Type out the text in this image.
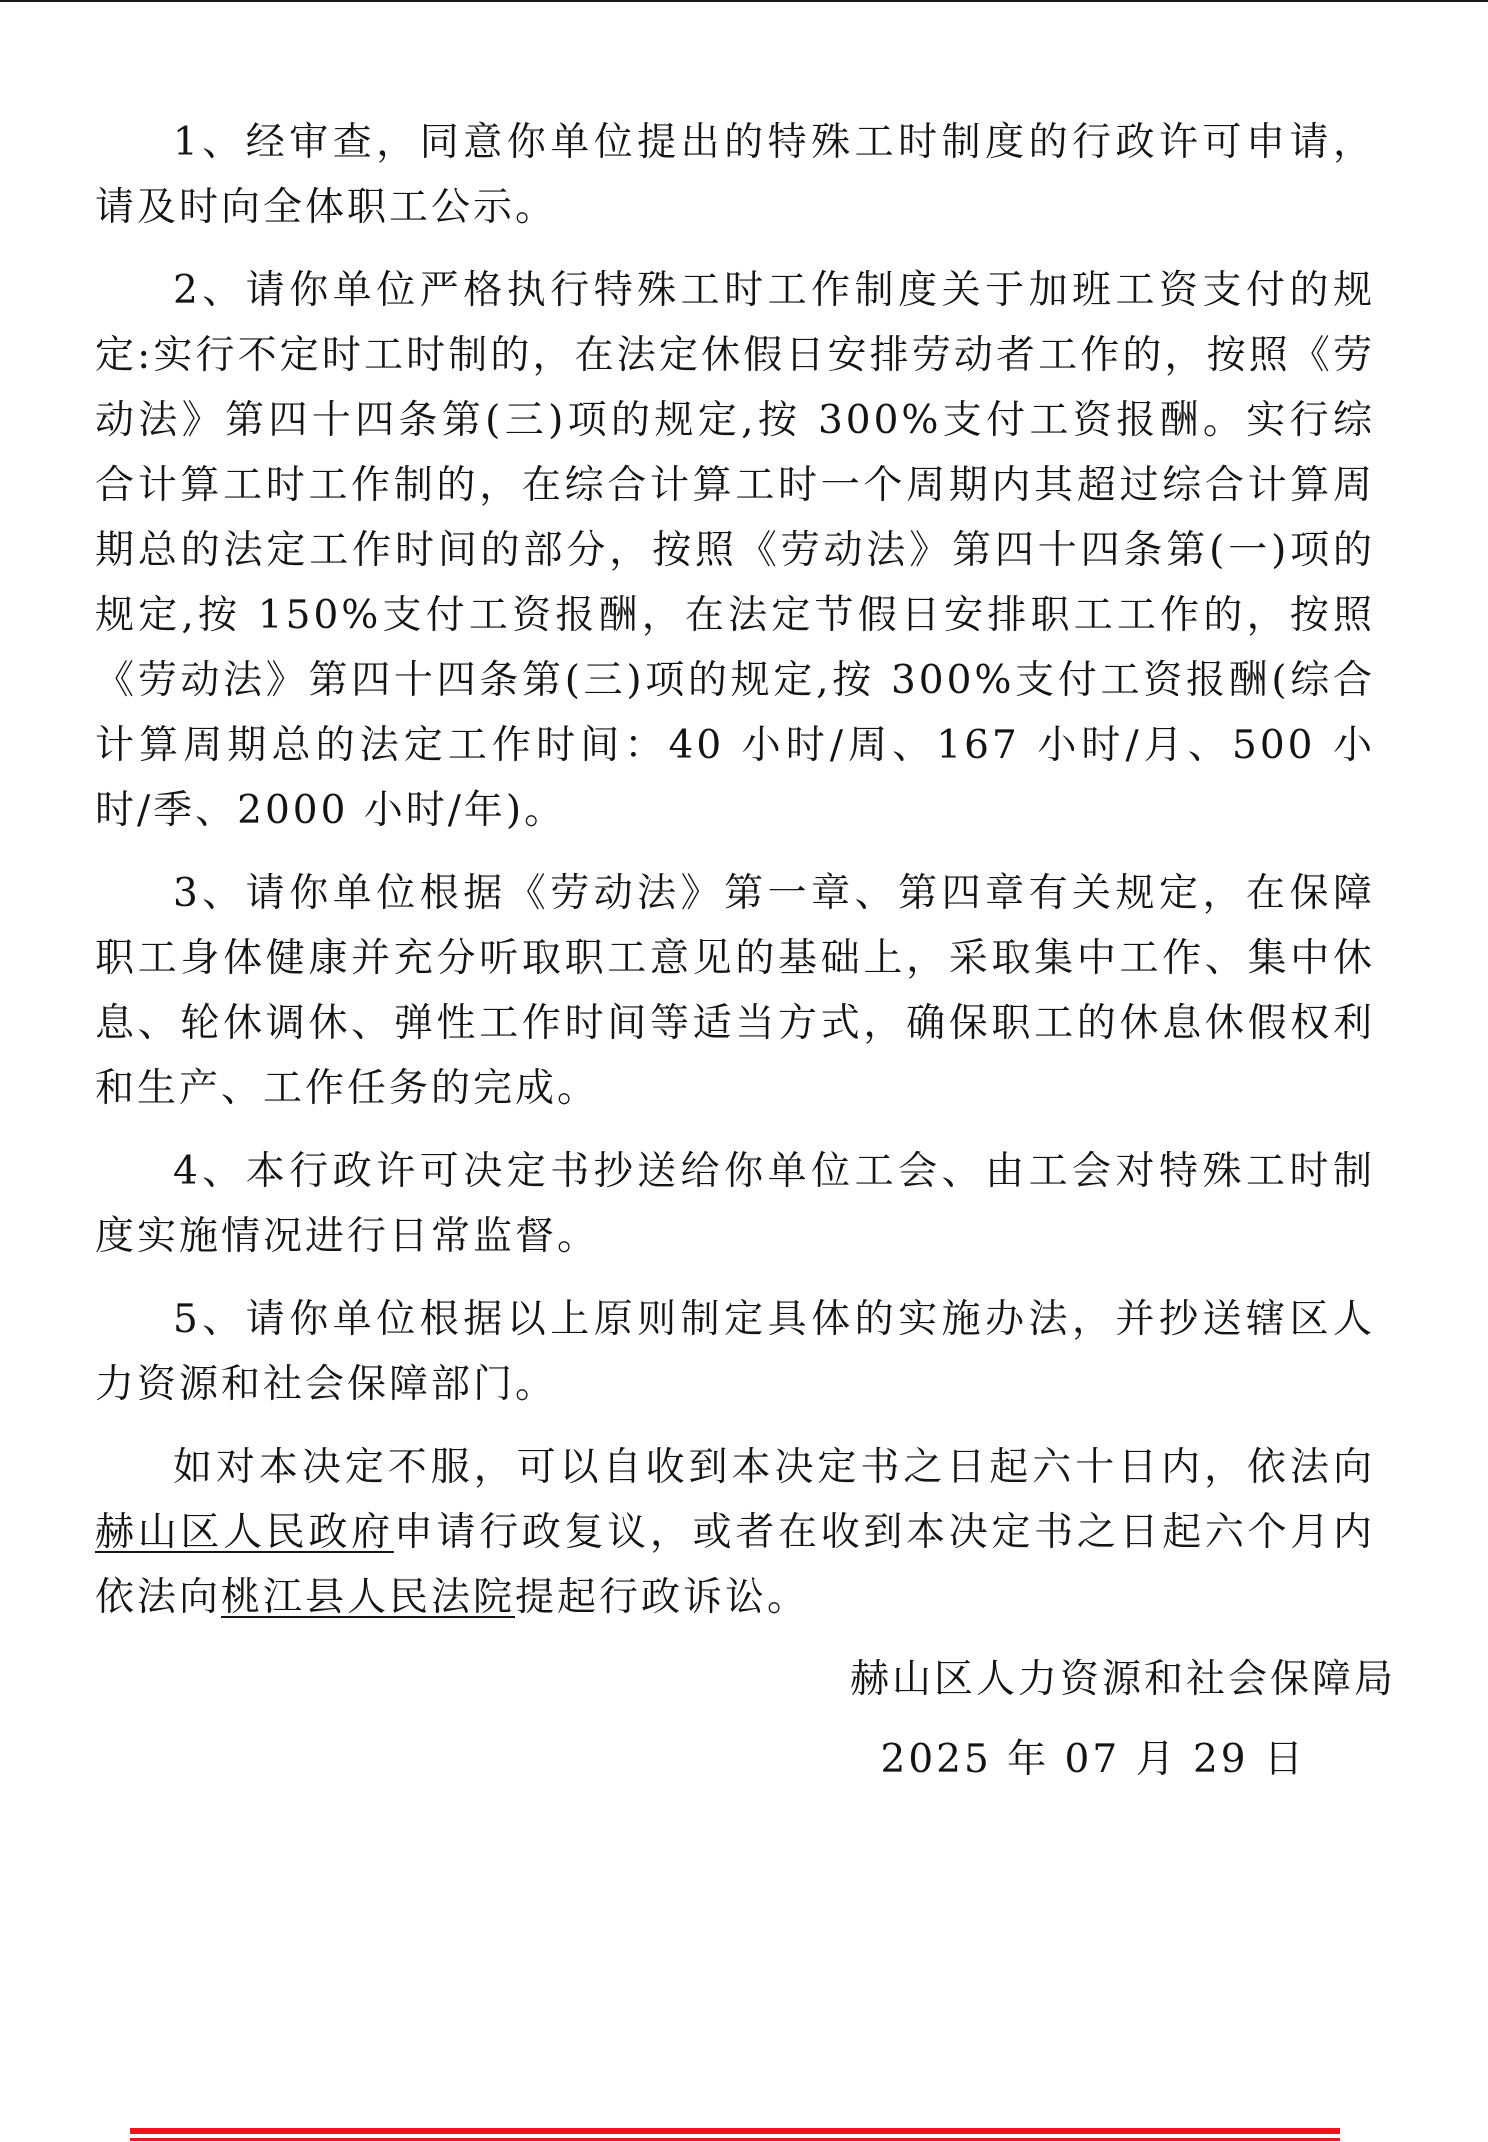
1、经审查，同意你单位提出的特殊工时制度的行政许可申请，请及时向全体职工公示。

2、请你单位严格执行特殊工时工作制度关于加班工资支付的规定:实行不定时工时制的，在法定休假日安排劳动者工作的，按照《劳动法》第四十四条第(三)项的规定,按 300%支付工资报酬。实行综合计算工时工作制的，在综合计算工时一个周期内其超过综合计算周期总的法定工作时间的部分，按照《劳动法》第四十四条第(一)项的规定,按 150%支付工资报酬，在法定节假日安排职工工作的，按照《劳动法》第四十四条第(三)项的规定,按 300%支付工资报酬(综合计算周期总的法定工作时间：40 小时/周、167 小时/月、500 小时/季、2000 小时/年)。

3、请你单位根据《劳动法》第一章、第四章有关规定，在保障职工身体健康并充分听取职工意见的基础上，采取集中工作、集中休息、轮休调休、弹性工作时间等适当方式，确保职工的休息休假权利和生产、工作任务的完成。

4、本行政许可决定书抄送给你单位工会、由工会对特殊工时制度实施情况进行日常监督。

5、请你单位根据以上原则制定具体的实施办法，并抄送辖区人力资源和社会保障部门。

如对本决定不服，可以自收到本决定书之日起六十日内，依法向赫山区人民政府申请行政复议，或者在收到本决定书之日起六个月内依法向桃江县人民法院提起行政诉讼。

赫山区人力资源和社会保障局
2025 年 07 月 29 日
